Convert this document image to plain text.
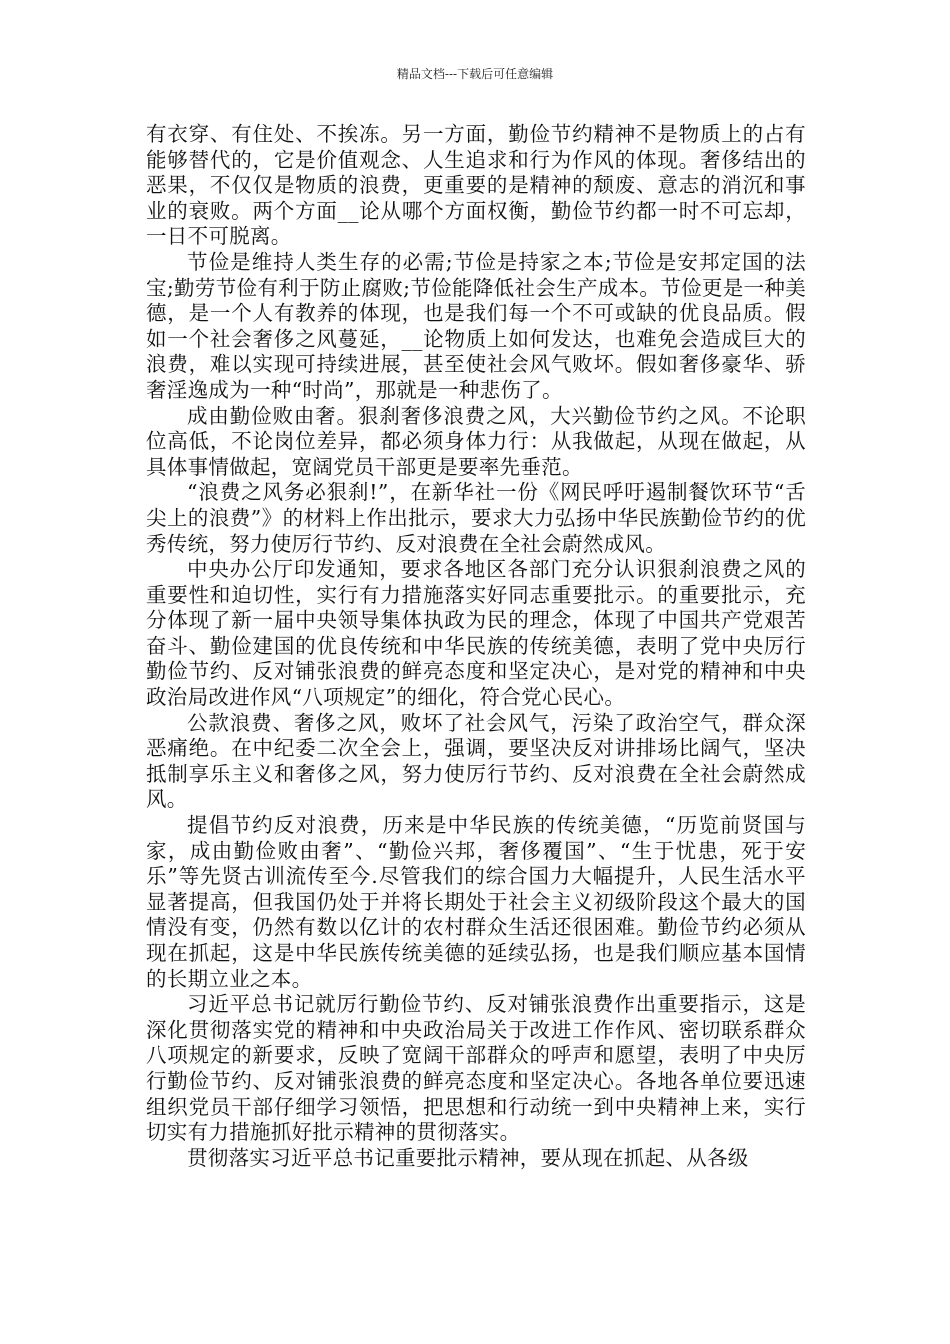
精品文档---下载后可任意编辑

有衣穿、有住处、不挨冻。另一方面，勤俭节约精神不是物质上的占有能够替代的，它是价值观念、人生追求和行为作风的体现。奢侈结出的恶果，不仅仅是物质的浪费，更重要的是精神的颓废、意志的消沉和事业的衰败。两个方面__论从哪个方面权衡，勤俭节约都一时不可忘却，一日不可脱离。

节俭是维持人类生存的必需;节俭是持家之本;节俭是安邦定国的法宝;勤劳节俭有利于防止腐败;节俭能降低社会生产成本。节俭更是一种美德，是一个人有教养的体现，也是我们每一个不可或缺的优良品质。假如一个社会奢侈之风蔓延，__论物质上如何发达，也难免会造成巨大的浪费，难以实现可持续进展，甚至使社会风气败坏。假如奢侈豪华、骄奢淫逸成为一种“时尚”，那就是一种悲伤了。

成由勤俭败由奢。狠刹奢侈浪费之风，大兴勤俭节约之风。不论职位高低，不论岗位差异，都必须身体力行：从我做起，从现在做起，从具体事情做起，宽阔党员干部更是要率先垂范。

“浪费之风务必狠刹!”，在新华社一份《网民呼吁遏制餐饮环节“舌尖上的浪费”》的材料上作出批示，要求大力弘扬中华民族勤俭节约的优秀传统，努力使厉行节约、反对浪费在全社会蔚然成风。

中央办公厅印发通知，要求各地区各部门充分认识狠刹浪费之风的重要性和迫切性，实行有力措施落实好同志重要批示。的重要批示，充分体现了新一届中央领导集体执政为民的理念，体现了中国共产党艰苦奋斗、勤俭建国的优良传统和中华民族的传统美德，表明了党中央厉行勤俭节约、反对铺张浪费的鲜亮态度和坚定决心，是对党的精神和中央政治局改进作风“八项规定”的细化，符合党心民心。

公款浪费、奢侈之风，败坏了社会风气，污染了政治空气，群众深恶痛绝。在中纪委二次全会上，强调，要坚决反对讲排场比阔气，坚决抵制享乐主义和奢侈之风，努力使厉行节约、反对浪费在全社会蔚然成风。

提倡节约反对浪费，历来是中华民族的传统美德，“历览前贤国与家，成由勤俭败由奢”、“勤俭兴邦，奢侈覆国”、“生于忧患，死于安乐”等先贤古训流传至今.尽管我们的综合国力大幅提升，人民生活水平显著提高，但我国仍处于并将长期处于社会主义初级阶段这个最大的国情没有变，仍然有数以亿计的农村群众生活还很困难。勤俭节约必须从现在抓起，这是中华民族传统美德的延续弘扬，也是我们顺应基本国情的长期立业之本。

习近平总书记就厉行勤俭节约、反对铺张浪费作出重要指示，这是深化贯彻落实党的精神和中央政治局关于改进工作作风、密切联系群众八项规定的新要求，反映了宽阔干部群众的呼声和愿望，表明了中央厉行勤俭节约、反对铺张浪费的鲜亮态度和坚定决心。各地各单位要迅速组织党员干部仔细学习领悟，把思想和行动统一到中央精神上来，实行切实有力措施抓好批示精神的贯彻落实。

贯彻落实习近平总书记重要批示精神，要从现在抓起、从各级
